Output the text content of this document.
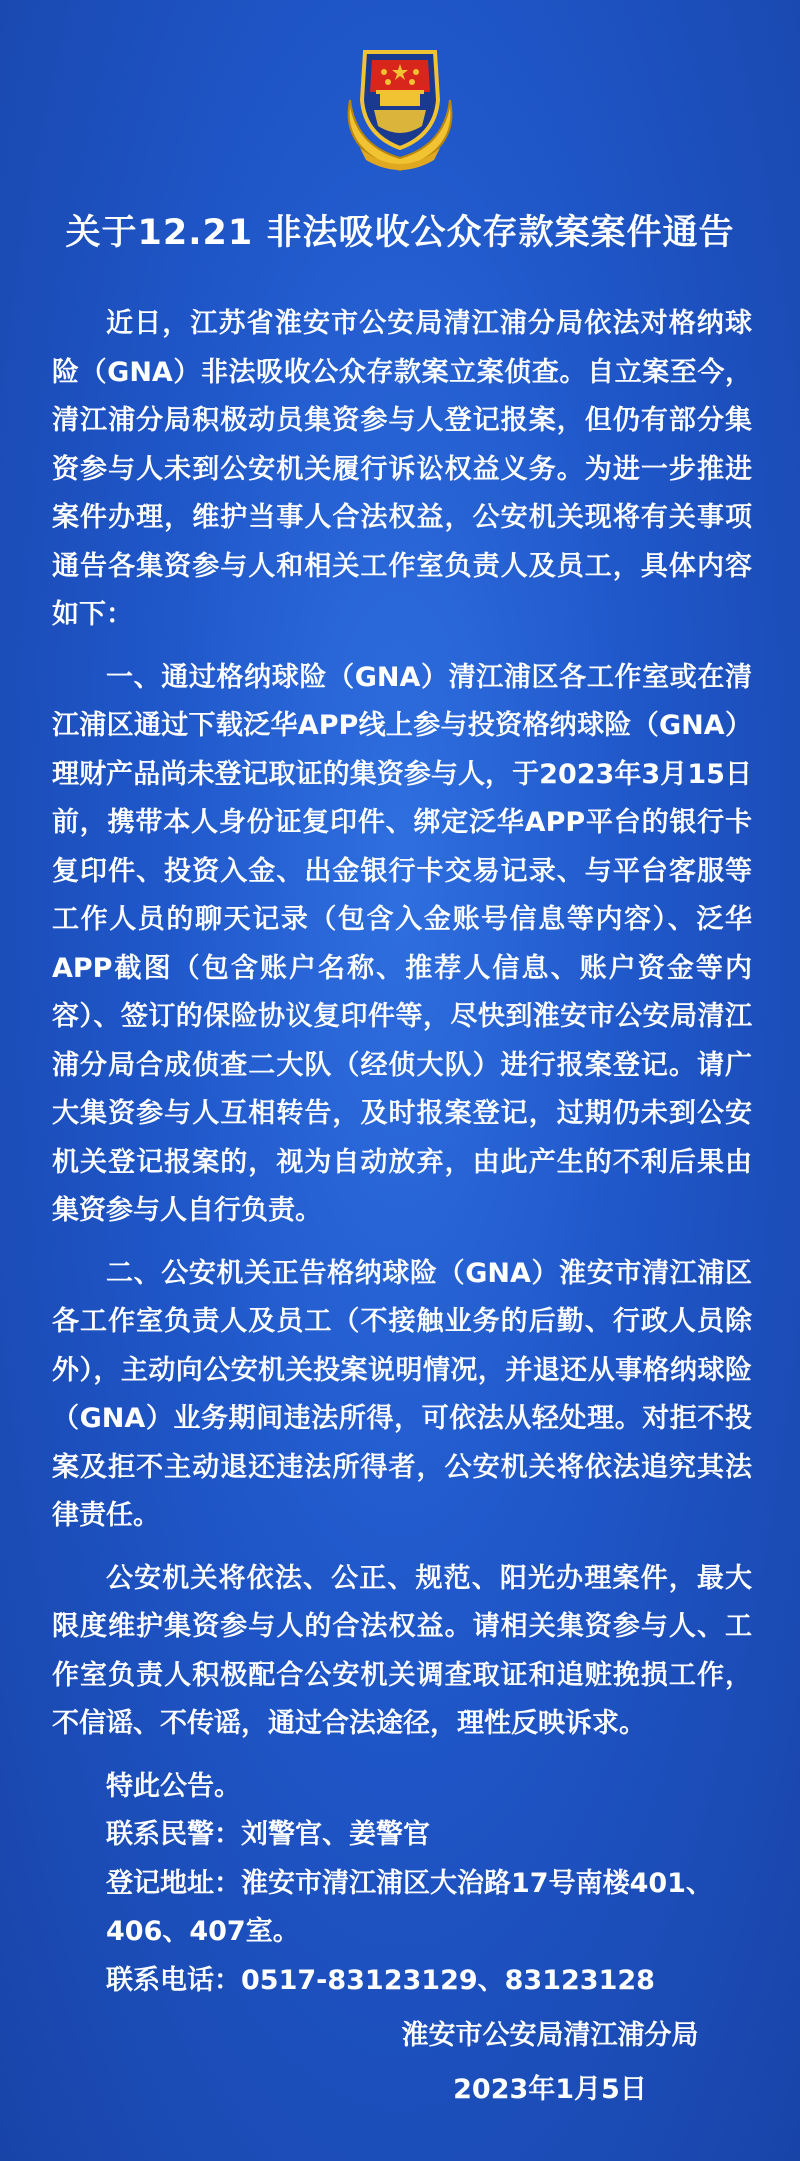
关于12.21 非法吸收公众存款案案件通告

近日，江苏省淮安市公安局清江浦分局依法对格纳球险（GNA）非法吸收公众存款案立案侦查。自立案至今，清江浦分局积极动员集资参与人登记报案，但仍有部分集资参与人未到公安机关履行诉讼权益义务。为进一步推进案件办理，维护当事人合法权益，公安机关现将有关事项通告各集资参与人和相关工作室负责人及员工，具体内容如下：

一、通过格纳球险（GNA）清江浦区各工作室或在清江浦区通过下载泛华APP线上参与投资格纳球险（GNA）理财产品尚未登记取证的集资参与人，于2023年3月15日前，携带本人身份证复印件、绑定泛华APP平台的银行卡复印件、投资入金、出金银行卡交易记录、与平台客服等工作人员的聊天记录（包含入金账号信息等内容）、泛华APP截图（包含账户名称、推荐人信息、账户资金等内容）、签订的保险协议复印件等，尽快到淮安市公安局清江浦分局合成侦查二大队（经侦大队）进行报案登记。请广大集资参与人互相转告，及时报案登记，过期仍未到公安机关登记报案的，视为自动放弃，由此产生的不利后果由集资参与人自行负责。

二、公安机关正告格纳球险（GNA）淮安市清江浦区各工作室负责人及员工（不接触业务的后勤、行政人员除外），主动向公安机关投案说明情况，并退还从事格纳球险（GNA）业务期间违法所得，可依法从轻处理。对拒不投案及拒不主动退还违法所得者，公安机关将依法追究其法律责任。

公安机关将依法、公正、规范、阳光办理案件，最大限度维护集资参与人的合法权益。请相关集资参与人、工作室负责人积极配合公安机关调查取证和追赃挽损工作，不信谣、不传谣，通过合法途径，理性反映诉求。

特此公告。

联系民警：刘警官、姜警官

登记地址：淮安市清江浦区大治路17号南楼401、

406、407室。

联系电话：0517-83123129、83123128

淮安市公安局清江浦分局

2023年1月5日
